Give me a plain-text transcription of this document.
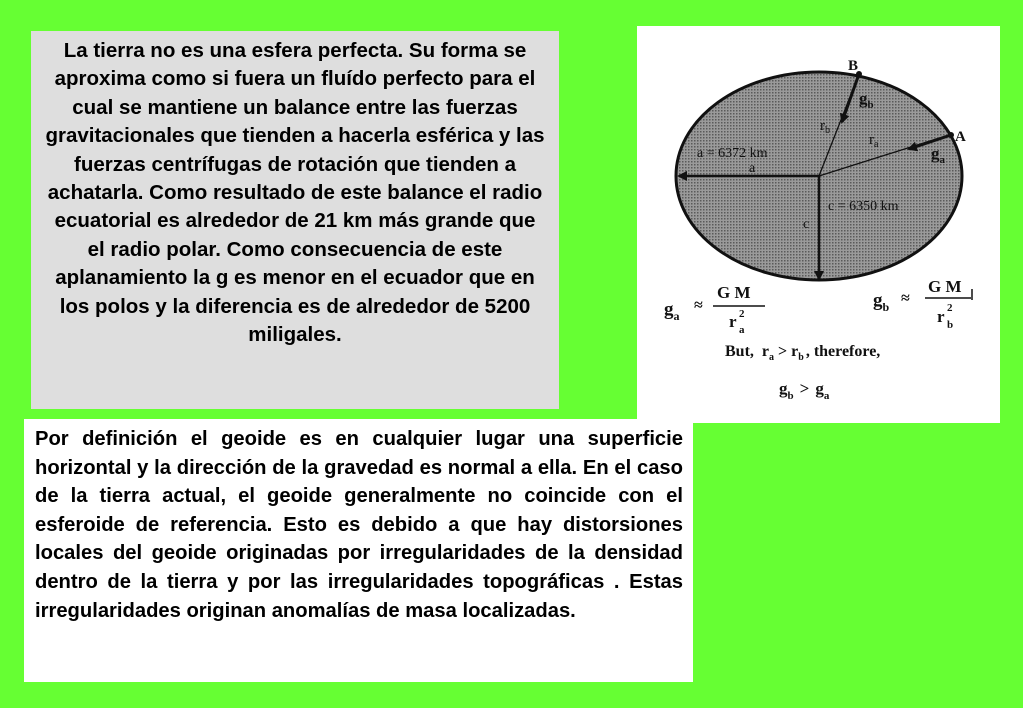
La tierra no es una esfera perfecta. Su forma se aproxima como si fuera un fluído perfecto para el cual se mantiene un balance entre las fuerzas gravitacionales que tienden a hacerla esférica y las fuerzas centrífugas de rotación que tienden a achatarla. Como resultado de este balance el radio ecuatorial es alrededor de 21 km más grande que el radio polar. Como consecuencia de este aplanamiento la g es menor en el ecuador que en los polos y la diferencia es de alrededor de 5200 miligales.
B
A
$g_b$
$g_a$
$r_b$
$r_a$
a = 6372 km
a
c = 6350 km
c
$g_a$
≈
G M
r 2
a
$g_b$ ≈
G M
r 2
b
But, $r_a > r_b$ , therefore,
$g_b > g_a$
Por definición el geoide es en cualquier lugar una superficie horizontal y la dirección de la gravedad es normal a ella. En el caso de la tierra actual, el geoide generalmente no coincide con el esferoide de referencia. Esto es debido a que hay distorsiones locales del geoide originadas por irregularidades de la densidad dentro de la tierra y por las irregularidades topográficas . Estas irregularidades originan anomalías de masa localizadas.
